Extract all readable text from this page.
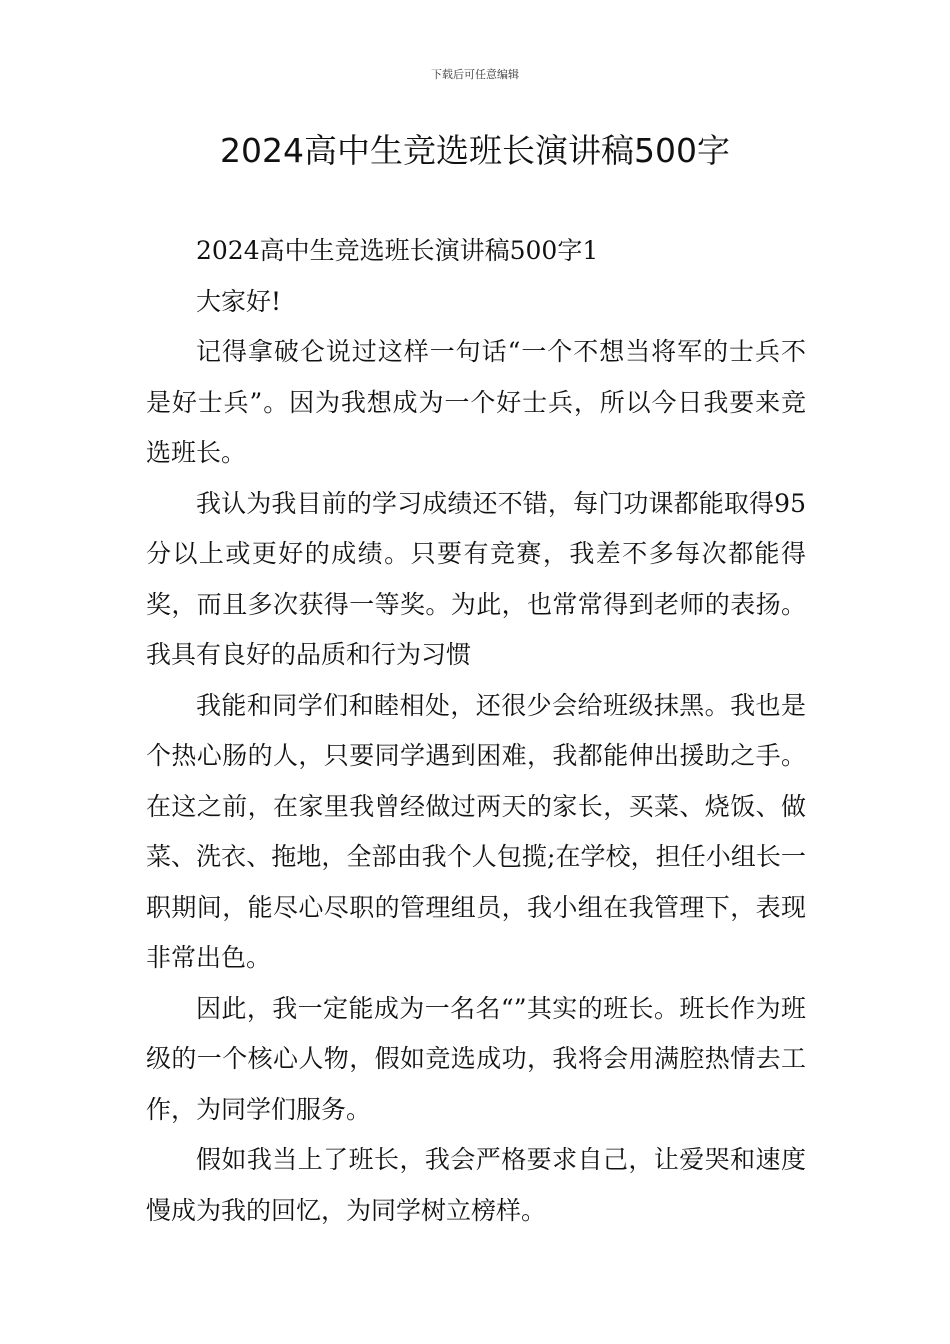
下载后可任意编辑
2024高中生竞选班长演讲稿500字

2024高中生竞选班长演讲稿500字1

大家好!

记得拿破仑说过这样一句话“一个不想当将军的士兵不是好士兵”。因为我想成为一个好士兵，所以今日我要来竞选班长。

我认为我目前的学习成绩还不错，每门功课都能取得95分以上或更好的成绩。只要有竞赛，我差不多每次都能得奖，而且多次获得一等奖。为此，也常常得到老师的表扬。我具有良好的品质和行为习惯

我能和同学们和睦相处，还很少会给班级抹黑。我也是个热心肠的人，只要同学遇到困难，我都能伸出援助之手。在这之前，在家里我曾经做过两天的家长，买菜、烧饭、做菜、洗衣、拖地，全部由我个人包揽;在学校，担任小组长一职期间，能尽心尽职的管理组员，我小组在我管理下，表现非常出色。

因此，我一定能成为一名名“”其实的班长。班长作为班级的一个核心人物，假如竞选成功，我将会用满腔热情去工作，为同学们服务。

假如我当上了班长，我会严格要求自己，让爱哭和速度慢成为我的回忆，为同学树立榜样。
